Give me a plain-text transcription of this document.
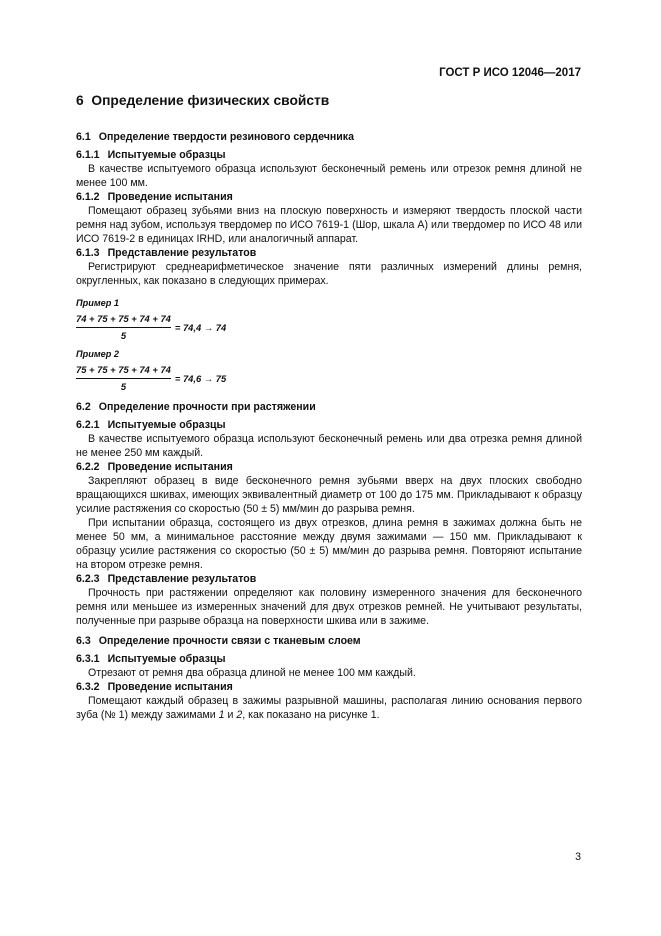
ГОСТ Р ИСО 12046—2017
6 Определение физических свойств
6.1 Определение твердости резинового сердечника
6.1.1 Испытуемые образцы

В качестве испытуемого образца используют бесконечный ремень или отрезок ремня длиной не менее 100 мм.

6.1.2 Проведение испытания

Помещают образец зубьями вниз на плоскую поверхность и измеряют твердость плоской части ремня над зубом, используя твердомер по ИСО 7619-1 (Шор, шкала А) или твердомер по ИСО 48 или ИСО 7619-2 в единицах IRHD, или аналогичный аппарат.

6.1.3 Представление результатов

Регистрируют среднеарифметическое значение пяти различных измерений длины ремня, округленных, как показано в следующих примерах.

Пример 1
$\frac{74 + 75 + 75 + 74 + 74}{5} = 74,4 \to 74$
Пример 2
$\frac{75 + 75 + 75 + 74 + 74}{5} = 74,6 \to 75$
6.2 Определение прочности при растяжении
6.2.1 Испытуемые образцы

В качестве испытуемого образца используют бесконечный ремень или два отрезка ремня длиной не менее 250 мм каждый.

6.2.2 Проведение испытания

Закрепляют образец в виде бесконечного ремня зубьями вверх на двух плоских свободно вращающихся шкивах, имеющих эквивалентный диаметр от 100 до 175 мм. Прикладывают к образцу усилие растяжения со скоростью (50 ± 5) мм/мин до разрыва ремня.

При испытании образца, состоящего из двух отрезков, длина ремня в зажимах должна быть не менее 50 мм, а минимальное расстояние между двумя зажимами — 150 мм. Прикладывают к образцу усилие растяжения со скоростью (50 ± 5) мм/мин до разрыва ремня. Повторяют испытание на втором отрезке ремня.

6.2.3 Представление результатов

Прочность при растяжении определяют как половину измеренного значения для бесконечного ремня или меньшее из измеренных значений для двух отрезков ремней. Не учитывают результаты, полученные при разрыве образца на поверхности шкива или в зажиме.

6.3 Определение прочности связи с тканевым слоем
6.3.1 Испытуемые образцы

Отрезают от ремня два образца длиной не менее 100 мм каждый.

6.3.2 Проведение испытания

Помещают каждый образец в зажимы разрывной машины, располагая линию основания первого зуба (№ 1) между зажимами 1 и 2, как показано на рисунке 1.

3
